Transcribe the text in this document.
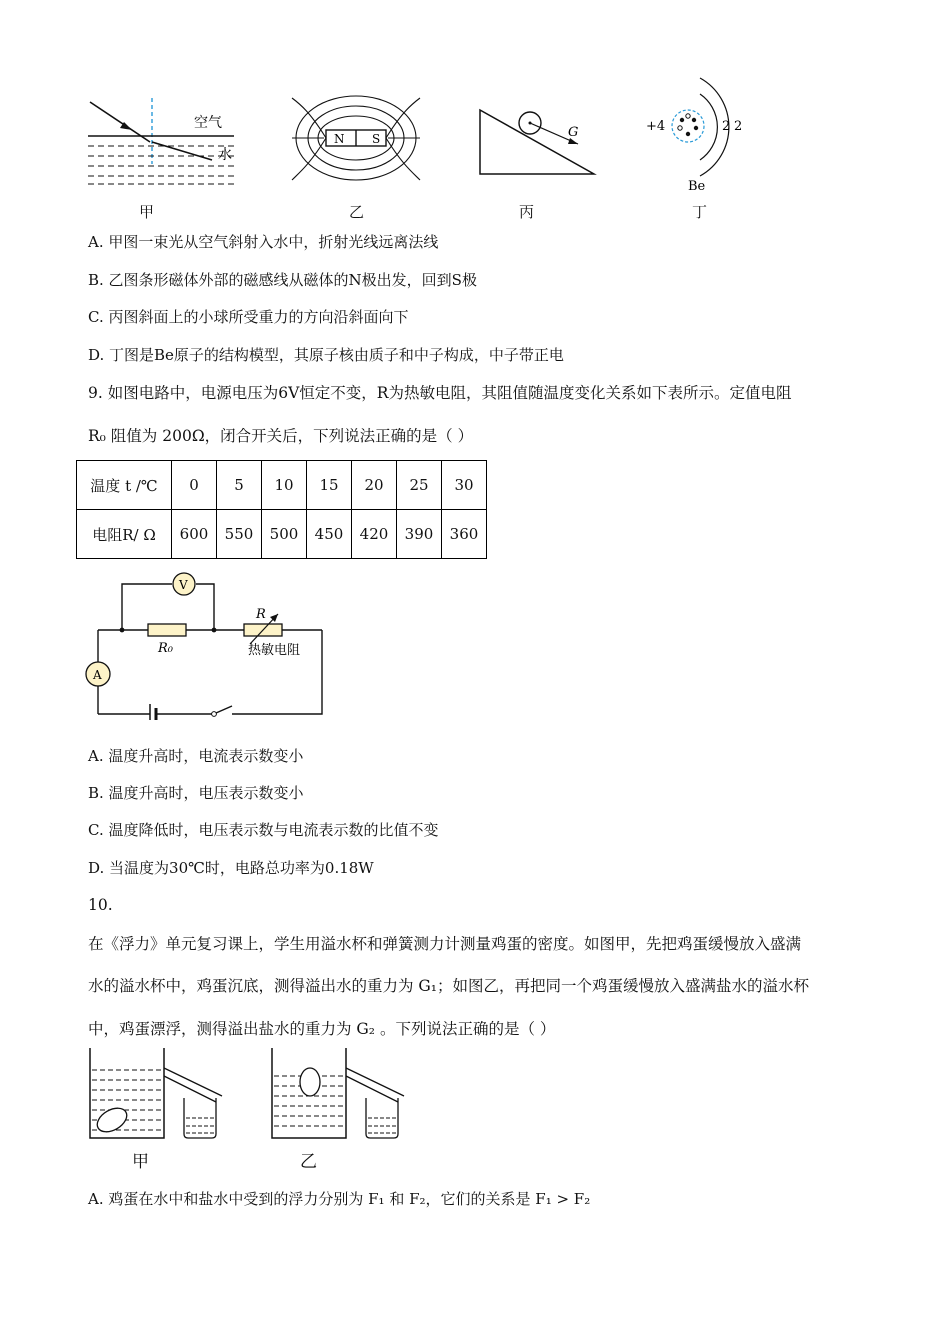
空气
水
甲
N S
乙
G
丙
+4	2 2
Be
丁
A. 甲图一束光从空气斜射入水中，折射光线远离法线
B. 乙图条形磁体外部的磁感线从磁体的N极出发，回到S极
C. 丙图斜面上的小球所受重力的方向沿斜面向下
D. 丁图是Be原子的结构模型，其原子核由质子和中子构成，中子带正电
9. 如图电路中，电源电压为6V恒定不变，R为热敏电阻，其阻值随温度变化关系如下表所示。定值电阻
R₀ 阻值为 200Ω，闭合开关后，下列说法正确的是（ ）
温度 t /℃	0	5	10	15	20	25	30
电阻R/ Ω	600	550	500	450	420	390	360
V
A
R₀
R
热敏电阻
A. 温度升高时，电流表示数变小
B. 温度升高时，电压表示数变小
C. 温度降低时，电压表示数与电流表示数的比值不变
D. 当温度为30℃时，电路总功率为0.18W
10.
在《浮力》单元复习课上，学生用溢水杯和弹簧测力计测量鸡蛋的密度。如图甲，先把鸡蛋缓慢放入盛满
水的溢水杯中，鸡蛋沉底，测得溢出水的重力为 G₁；如图乙，再把同一个鸡蛋缓慢放入盛满盐水的溢水杯
中，鸡蛋漂浮，测得溢出盐水的重力为 G₂ 。下列说法正确的是（ ）
甲	乙
A. 鸡蛋在水中和盐水中受到的浮力分别为 F₁ 和 F₂，它们的关系是 F₁ > F₂
